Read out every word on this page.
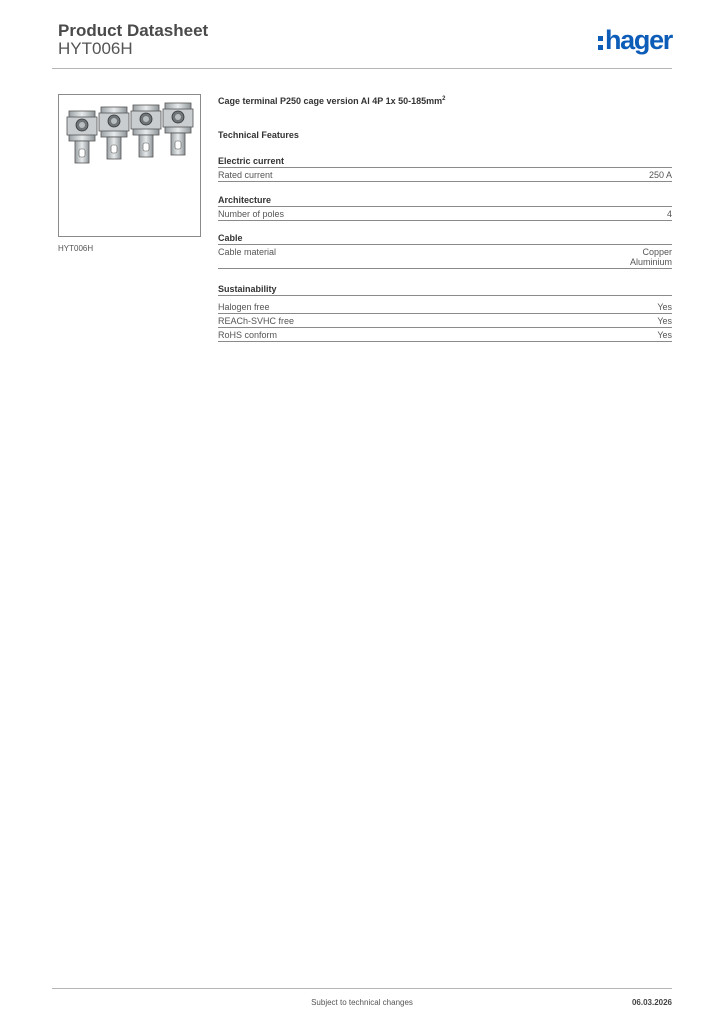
Product Datasheet
HYT006H	hager
HYT006H
Cage terminal P250 cage version Al 4P 1x $50-185mm^2$
Technical Features
Electric current
Rated current	250 A
Architecture
Number of poles	4
Cable
Cable material	Copper
Aluminium
Sustainability
Halogen free	Yes
REACh-SVHC free	Yes
RoHS conform	Yes
Subject to technical changes	06.03.2026
